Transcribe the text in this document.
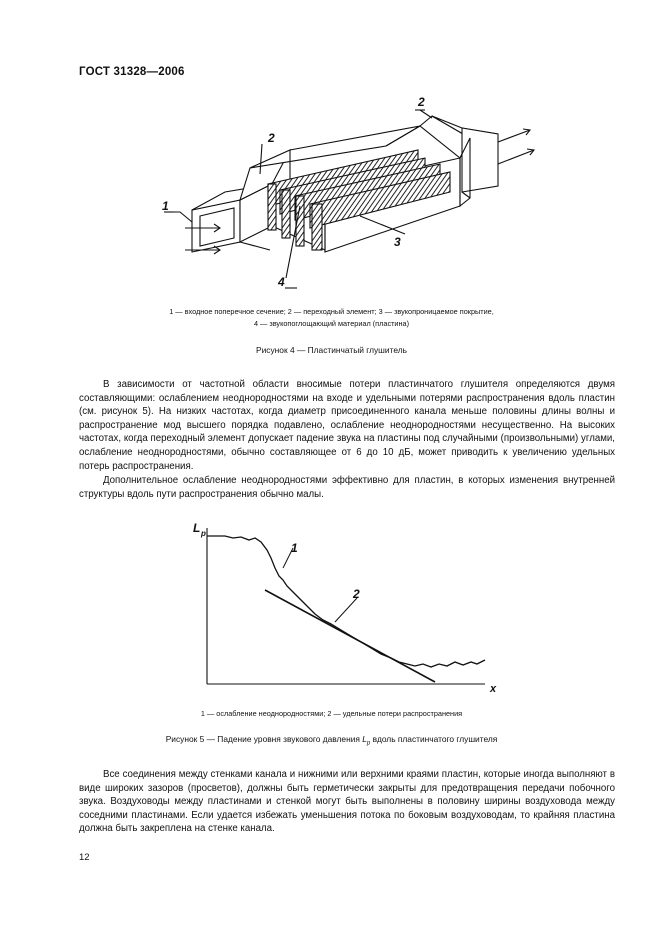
ГОСТ 31328—2006
1
2
2
3
4
1 — входное поперечное сечение; 2 — переходный элемент; 3 — звукопроницаемое покрытие,
4 — звукопоглощающий материал (пластина)
Рисунок 4 — Пластинчатый глушитель

В зависимости от частотной области вносимые потери пластинчатого глушителя определяются двумя составляющими: ослаблением неоднородностями на входе и удельными потерями распространения вдоль пластин (см. рисунок 5). На низких частотах, когда диаметр присоединенного канала меньше половины длины волны и распространение мод высшего порядка подавлено, ослабление неоднородностями несущественно. На высоких частотах, когда переходный элемент допускает падение звука на пластины под случайными (произвольными) углами, ослабление неоднородностями, обычно составляющее от 6 до 10 дБ, может приводить к увеличению удельных потерь распространения.

Дополнительное ослабление неоднородностями эффективно для пластин, в которых изменения внутренней структуры вдоль пути распространения обычно малы.

L p
x
1
2
1 — ослабление неоднородностями; 2 — удельные потери распространения
Рисунок 5 — Падение уровня звукового давления $L_p$ вдоль пластинчатого глушителя

Все соединения между стенками канала и нижними или верхними краями пластин, которые иногда выполняют в виде широких зазоров (просветов), должны быть герметически закрыты для предотвращения передачи побочного звука. Воздуховоды между пластинами и стенкой могут быть выполнены в половину ширины воздуховода между соседними пластинами. Если удается избежать уменьшения потока по боковым воздуховодам, то крайняя пластина должна быть закреплена на стенке канала.

12
